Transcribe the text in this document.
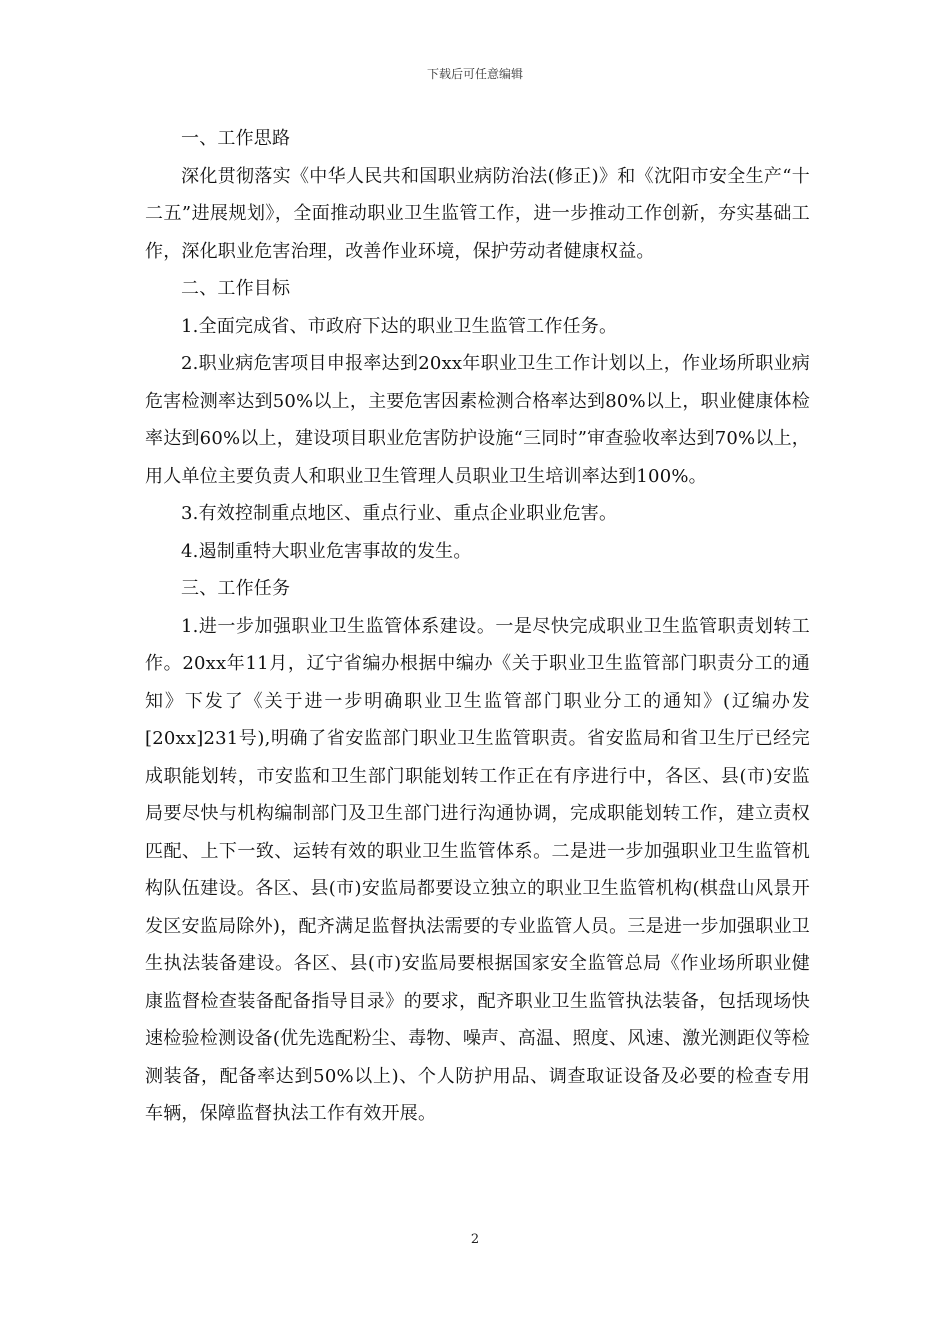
下载后可任意编辑

一、工作思路

深化贯彻落实《中华人民共和国职业病防治法(修正)》和《沈阳市安全生产“十二五”进展规划》，全面推动职业卫生监管工作，进一步推动工作创新，夯实基础工作，深化职业危害治理，改善作业环境，保护劳动者健康权益。

二、工作目标

1.全面完成省、市政府下达的职业卫生监管工作任务。

2.职业病危害项目申报率达到20xx年职业卫生工作计划以上，作业场所职业病危害检测率达到50%以上，主要危害因素检测合格率达到80%以上，职业健康体检率达到60%以上，建设项目职业危害防护设施“三同时”审查验收率达到70%以上，用人单位主要负责人和职业卫生管理人员职业卫生培训率达到100%。

3.有效控制重点地区、重点行业、重点企业职业危害。

4.遏制重特大职业危害事故的发生。

三、工作任务

1.进一步加强职业卫生监管体系建设。一是尽快完成职业卫生监管职责划转工作。20xx年11月，辽宁省编办根据中编办《关于职业卫生监管部门职责分工的通知》下发了《关于进一步明确职业卫生监管部门职业分工的通知》(辽编办发[20xx]231号),明确了省安监部门职业卫生监管职责。省安监局和省卫生厅已经完成职能划转，市安监和卫生部门职能划转工作正在有序进行中，各区、县(市)安监局要尽快与机构编制部门及卫生部门进行沟通协调，完成职能划转工作，建立责权匹配、上下一致、运转有效的职业卫生监管体系。二是进一步加强职业卫生监管机构队伍建设。各区、县(市)安监局都要设立独立的职业卫生监管机构(棋盘山风景开发区安监局除外)，配齐满足监督执法需要的专业监管人员。三是进一步加强职业卫生执法装备建设。各区、县(市)安监局要根据国家安全监管总局《作业场所职业健康监督检查装备配备指导目录》的要求，配齐职业卫生监管执法装备，包括现场快速检验检测设备(优先选配粉尘、毒物、噪声、高温、照度、风速、激光测距仪等检测装备，配备率达到50%以上)、个人防护用品、调查取证设备及必要的检查专用车辆，保障监督执法工作有效开展。

2
